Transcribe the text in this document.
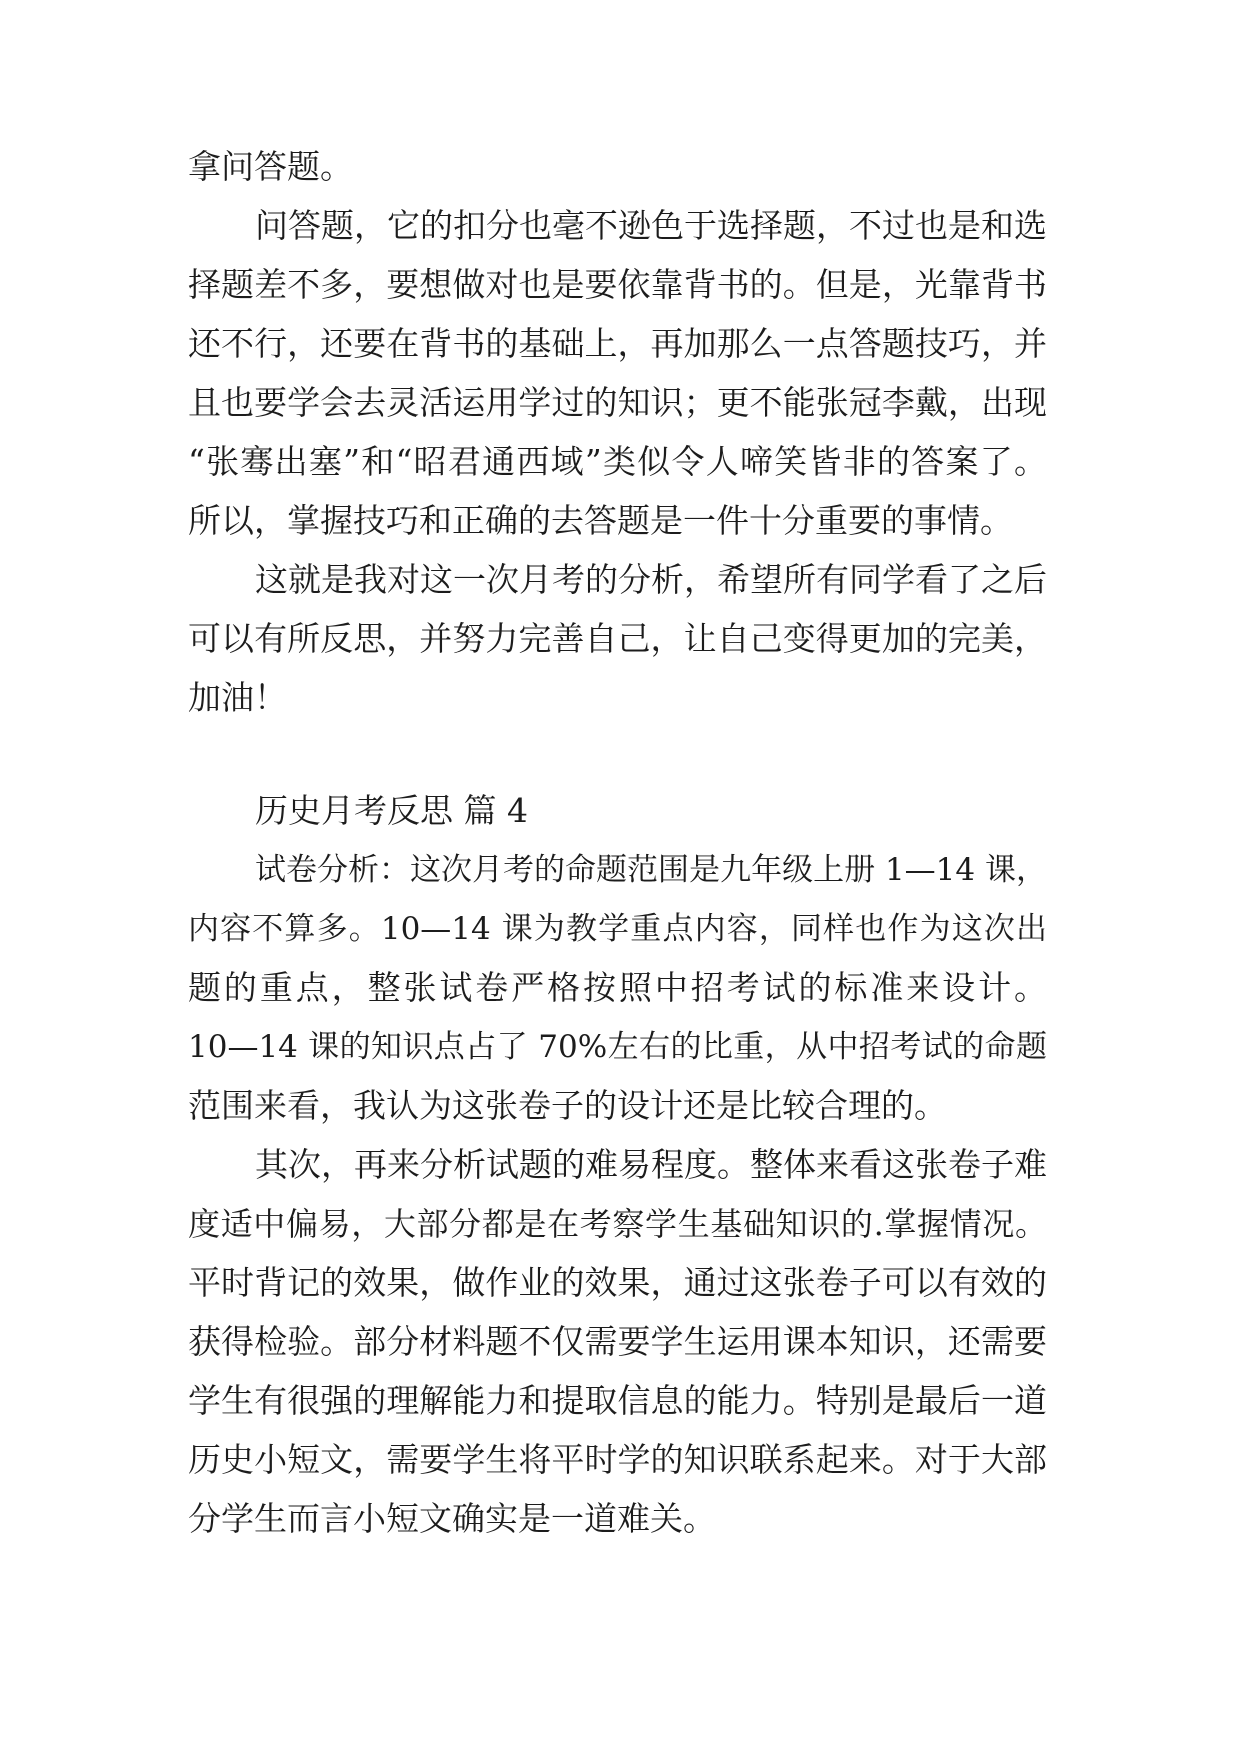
拿问答题。
问答题，它的扣分也毫不逊色于选择题，不过也是和选
择题差不多，要想做对也是要依靠背书的。但是，光靠背书
还不行，还要在背书的基础上，再加那么一点答题技巧，并
且也要学会去灵活运用学过的知识；更不能张冠李戴，出现
“张骞出塞”和“昭君通西域”类似令人啼笑皆非的答案了。
所以，掌握技巧和正确的去答题是一件十分重要的事情。
这就是我对这一次月考的分析，希望所有同学看了之后
可以有所反思，并努力完善自己，让自己变得更加的完美，
加油！
历史月考反思 篇 4
试卷分析：这次月考的命题范围是九年级上册 1—14 课，
内容不算多。10—14 课为教学重点内容，同样也作为这次出
题的重点，整张试卷严格按照中招考试的标准来设计。
10—14 课的知识点占了 70%左右的比重，从中招考试的命题
范围来看，我认为这张卷子的设计还是比较合理的。
其次，再来分析试题的难易程度。整体来看这张卷子难
度适中偏易，大部分都是在考察学生基础知识的.掌握情况。
平时背记的效果，做作业的效果，通过这张卷子可以有效的
获得检验。部分材料题不仅需要学生运用课本知识，还需要
学生有很强的理解能力和提取信息的能力。特别是最后一道
历史小短文，需要学生将平时学的知识联系起来。对于大部
分学生而言小短文确实是一道难关。
